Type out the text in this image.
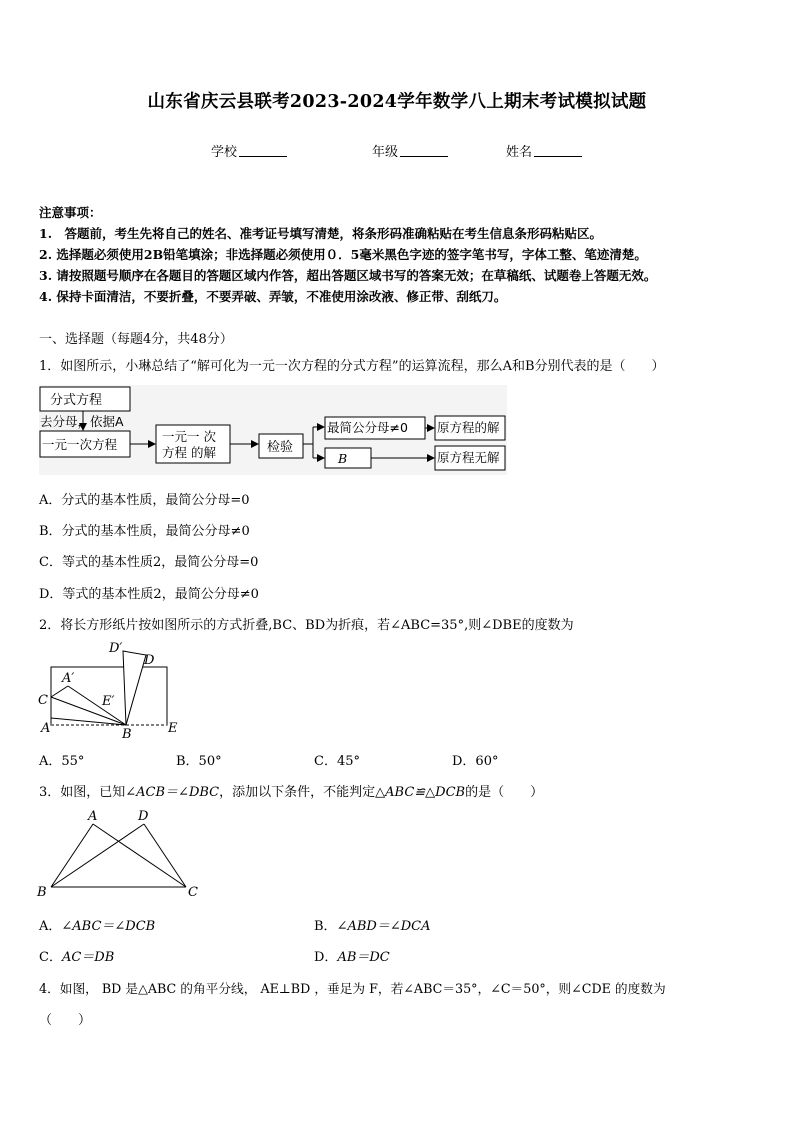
山东省庆云县联考2023-2024学年数学八上期末考试模拟试题
学校	年级	姓名
注意事项：
1.　答题前，考生先将自己的姓名、准考证号填写清楚，将条形码准确粘贴在考生信息条形码粘贴区。
2. 选择题必须使用2B铅笔填涂；非选择题必须使用０．5毫米黑色字迹的签字笔书写，字体工整、笔迹清楚。
3. 请按照题号顺序在各题目的答题区域内作答，超出答题区域书写的答案无效；在草稿纸、试题卷上答题无效。
4. 保持卡面清洁，不要折叠，不要弄破、弄皱，不准使用涂改液、修正带、刮纸刀。
一、选择题（每题4分，共48分）
1．如图所示，小琳总结了“解可化为一元一次方程的分式方程”的运算流程，那么A和B分别代表的是（　　）
分式方程
去分母，依据A
一元一次方程
一元一 次
方程 的解	检验
最简公分母≠0 原方程的解
B	原方程无解
A．分式的基本性质，最简公分母=0
B．分式的基本性质，最简公分母≠0
C．等式的基本性质2，最简公分母=0
D．等式的基本性质2，最简公分母≠0
2．将长方形纸片按如图所示的方式折叠,BC、BD为折痕，若∠ABC=35°,则∠DBE的度数为
D′
D
A′
E′
C
A	B	E
A．55°	B．50°	C．45°	D．60°
3．如图，已知∠ACB＝∠DBC，添加以下条件，不能判定△ABC≌△DCB的是（　　）
A	D
B	C
A．∠ABC＝∠DCB	B．∠ABD＝∠DCA
C．AC＝DB	D．AB＝DC
4．如图， BD 是△ABC 的角平分线， AE⊥BD ，垂足为 F，若∠ABC＝35°，∠C＝50°，则∠CDE 的度数为
（　　）
